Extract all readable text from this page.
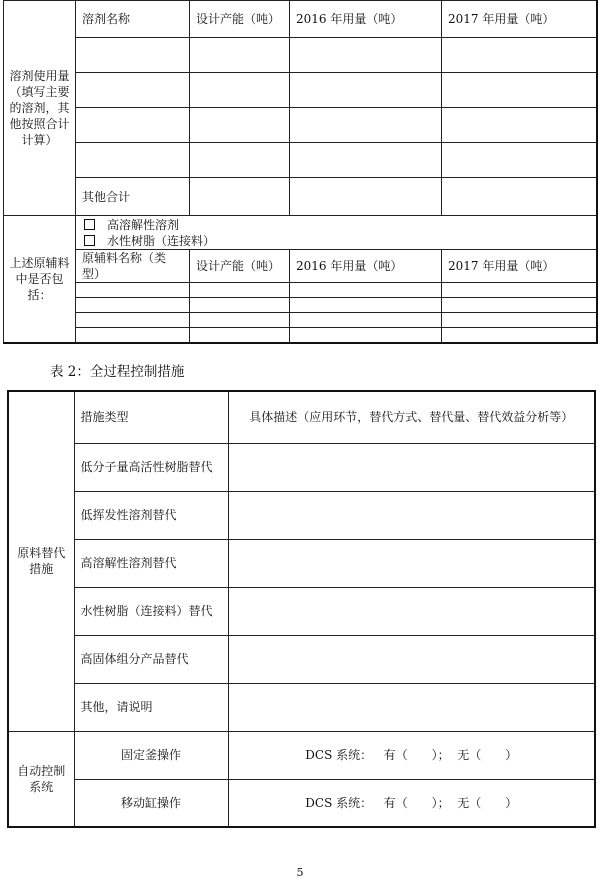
溶剂使用量（填写主要的溶剂，其他按照合计计算）	溶剂名称	设计产能（吨）	2016 年用量（吨）	2017 年用量（吨）

	其他合计			
上述原辅料中是否包括：	高溶解性溶剂
水性树脂（连接料）			

	原辅料名称（类型）	设计产能（吨）	2016 年用量（吨）	2017 年用量（吨）

表 2：全过程控制措施
原料替代措施	措施类型	具体描述（应用环节，替代方式、替代量、替代效益分析等）
	低分子量高活性树脂替代	
	低挥发性溶剂替代	
	高溶解性溶剂替代	
	水性树脂（连接料）替代	
	高固体组分产品替代	
	其他，请说明	
自动控制系统	固定釜操作	DCS 系统： 有（　　）； 无（　　）
	移动缸操作	DCS 系统： 有（　　）； 无（　　）
5
